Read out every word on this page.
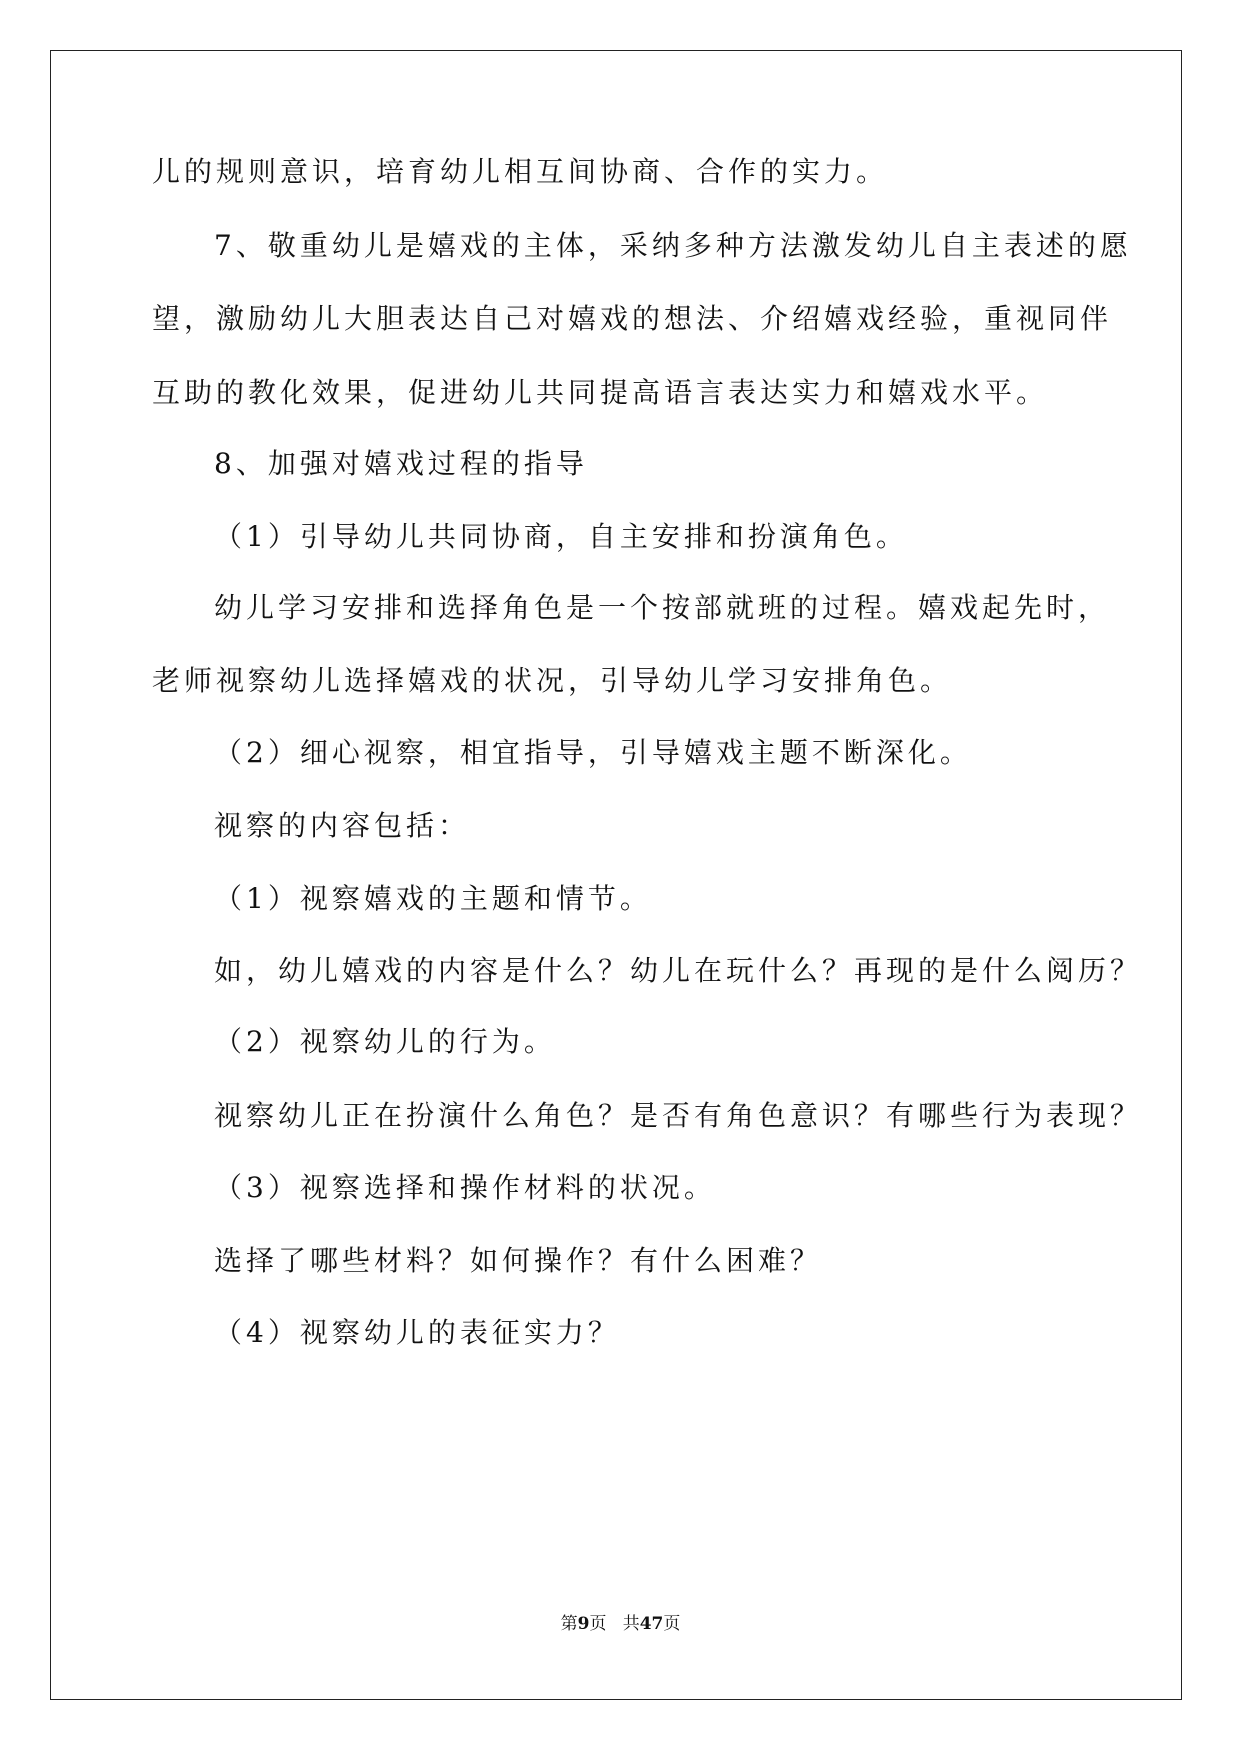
儿的规则意识，培育幼儿相互间协商、合作的实力。
7、敬重幼儿是嬉戏的主体，采纳多种方法激发幼儿自主表述的愿
望，激励幼儿大胆表达自己对嬉戏的想法、介绍嬉戏经验，重视同伴
互助的教化效果，促进幼儿共同提高语言表达实力和嬉戏水平。
8、加强对嬉戏过程的指导
（1）引导幼儿共同协商，自主安排和扮演角色。
幼儿学习安排和选择角色是一个按部就班的过程。嬉戏起先时，
老师视察幼儿选择嬉戏的状况，引导幼儿学习安排角色。
（2）细心视察，相宜指导，引导嬉戏主题不断深化。
视察的内容包括：
（1）视察嬉戏的主题和情节。
如，幼儿嬉戏的内容是什么？幼儿在玩什么？再现的是什么阅历？
（2）视察幼儿的行为。
视察幼儿正在扮演什么角色？是否有角色意识？有哪些行为表现？
（3）视察选择和操作材料的状况。
选择了哪些材料？如何操作？有什么困难？
（4）视察幼儿的表征实力？
第9页 共47页
